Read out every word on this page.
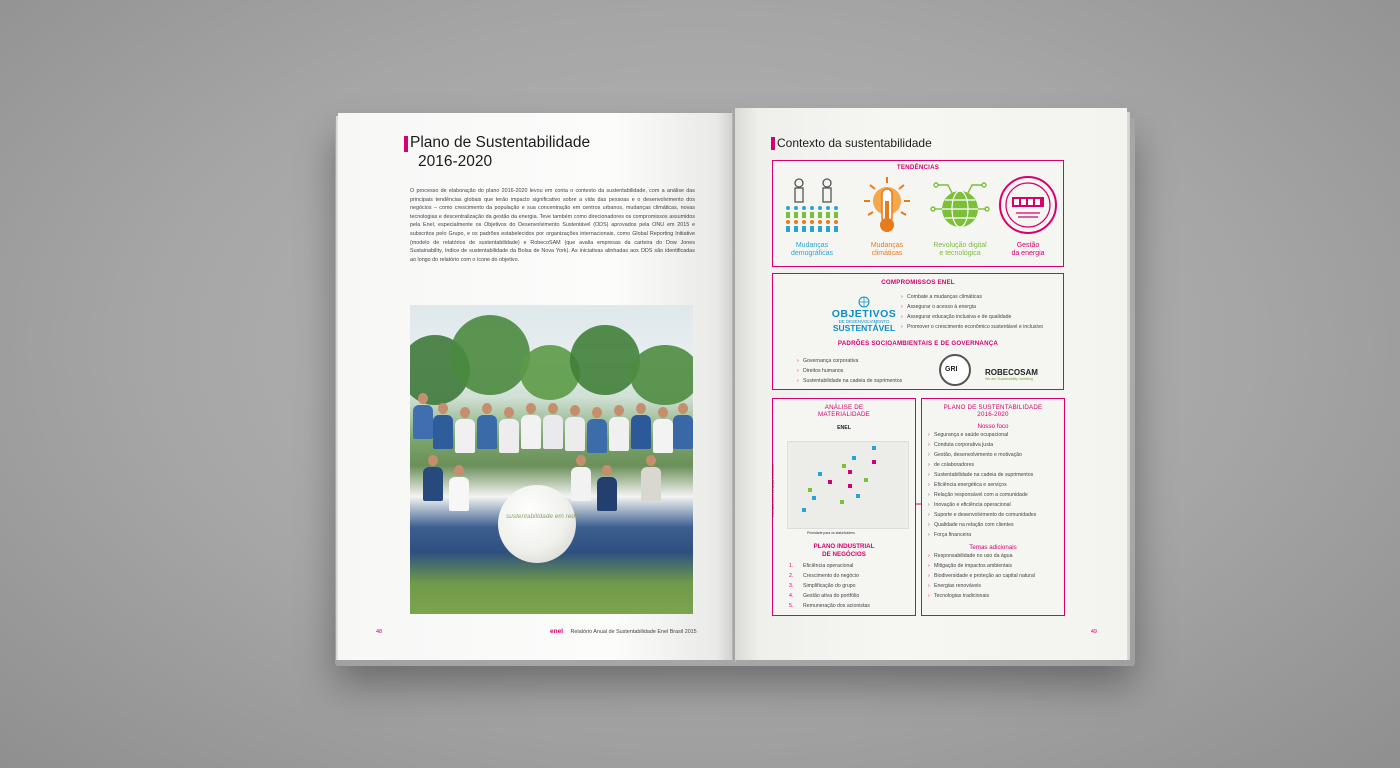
Plano de Sustentabilidade
2016-2020
O processo de elaboração do plano 2016-2020 levou em conta o contexto da sustentabilidade, com a análise das principais tendências globais que terão impacto significativo sobre a vida das pessoas e o desenvolvimento dos negócios – como crescimento da população e sua concentração em centros urbanos, mudanças climáticas, novas tecnologias e descentralização da gestão da energia. Teve também como direcionadores os compromissos assumidos pela Enel, especialmente os Objetivos do Desenvolvimento Sustentável (ODS) aprovados pela ONU em 2015 e subscritos pelo Grupo, e os padrões estabelecidos por organizações internacionais, como Global Reporting Initiative (modelo de relatórios de sustentabilidade) e RobecoSAM (que avalia empresas da carteira do Dow Jones Sustainability, índice de sustentabilidade da Bolsa de Nova York). As iniciativas alinhadas aos ODS são identificadas ao longo do relatório com o ícone do objetivo.
sustentabilidade em rede
48	enel Relatório Anual de Sustentabilidade Enel Brasil 2015
Contexto da sustentabilidade
TENDÊNCIAS
Mudanças
demográficas
Mudanças
climáticas
Revolução digital
e tecnológica
Gestão
da energia
COMPROMISSOS ENEL
OBJETIVOS
DE DESENVOLVIMENTO
SUSTENTÁVEL
› Combate a mudanças climáticas
› Assegurar o acesso à energia
› Assegurar educação inclusiva e de qualidade
› Promover o crescimento econômico sustentável e inclusivo
PADRÕES SOCIOAMBIENTAIS E DE GOVERNANÇA
› Governança corporativa
› Direitos humanos
› Sustentabilidade na cadeia de suprimentos
GRI	ROBECOSAM
We are Sustainability Investing
ANÁLISE DE
MATERIALIDADE
ENEL
Prioridade para a estratégia corporativa
Prioridade para os stakeholders
PLANO INDUSTRIAL
DE NEGÓCIOS
1. Eficiência operacional
2. Crescimento do negócio
3. Simplificação do grupo
4. Gestão ativa do portfólio
5. Remuneração dos acionistas
PLANO DE SUSTENTABILIDADE
2016-2020
Nosso foco
› Segurança e saúde ocupacional
› Conduta corporativa justa
› Gestão, desenvolvimento e motivação
› de colaboradores
› Sustentabilidade na cadeia de suprimentos
› Eficiência energética e serviços
› Relação responsável com a comunidade
› Inovação e eficiência operacional
› Suporte e desenvolvimento de comunidades
› Qualidade na relação com clientes
› Força financeira
Temas adicionais
› Responsabilidade no uso da água
› Mitigação de impactos ambientais
› Biodiversidade e proteção ao capital natural
› Energias renováveis
› Tecnologias tradicionais
49
